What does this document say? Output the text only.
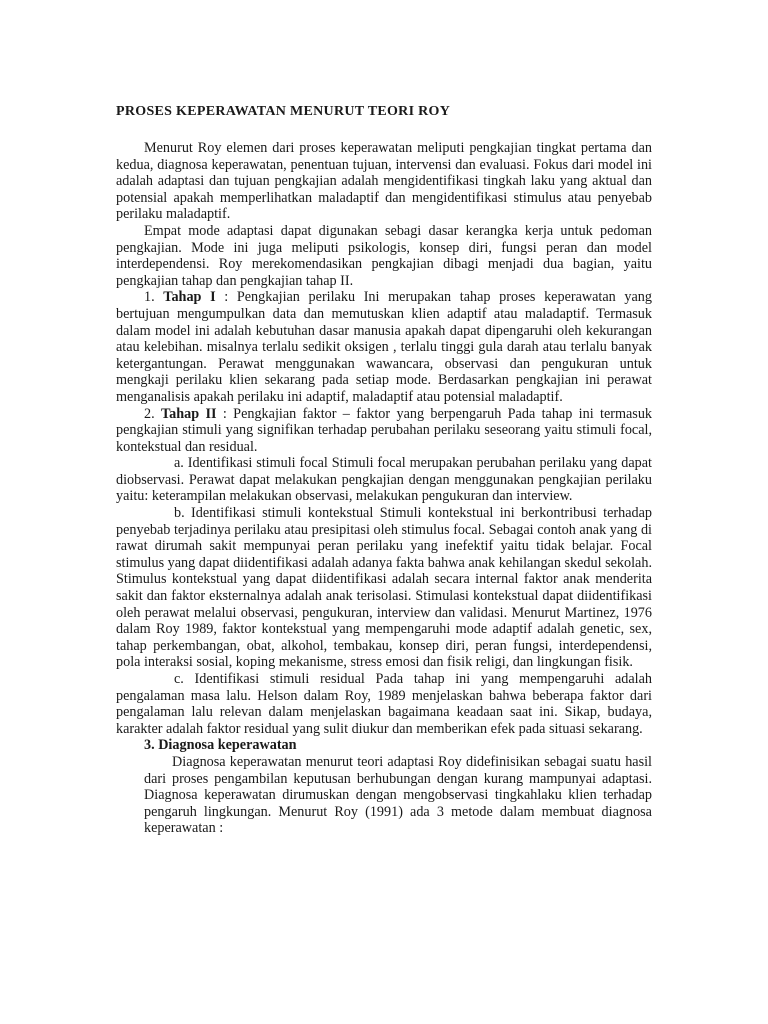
PROSES KEPERAWATAN MENURUT TEORI ROY

Menurut Roy elemen dari proses keperawatan meliputi pengkajian tingkat pertama dan kedua, diagnosa keperawatan, penentuan tujuan, intervensi dan evaluasi. Fokus dari model ini adalah adaptasi dan tujuan pengkajian adalah mengidentifikasi tingkah laku yang aktual dan potensial apakah memperlihatkan maladaptif dan mengidentifikasi stimulus atau penyebab perilaku maladaptif.

Empat mode adaptasi dapat digunakan sebagi dasar kerangka kerja untuk pedoman pengkajian. Mode ini juga meliputi psikologis, konsep diri, fungsi peran dan model interdependensi. Roy merekomendasikan pengkajian dibagi menjadi dua bagian, yaitu pengkajian tahap dan pengkajian tahap II.

1. Tahap I : Pengkajian perilaku Ini merupakan tahap proses keperawatan yang bertujuan mengumpulkan data dan memutuskan klien adaptif atau maladaptif. Termasuk dalam model ini adalah kebutuhan dasar manusia apakah dapat dipengaruhi oleh kekurangan atau kelebihan. misalnya terlalu sedikit oksigen , terlalu tinggi gula darah atau terlalu banyak ketergantungan. Perawat menggunakan wawancara, observasi dan pengukuran untuk mengkaji perilaku klien sekarang pada setiap mode. Berdasarkan pengkajian ini perawat menganalisis apakah perilaku ini adaptif, maladaptif atau potensial maladaptif.

2. Tahap II : Pengkajian faktor – faktor yang berpengaruh Pada tahap ini termasuk pengkajian stimuli yang signifikan terhadap perubahan perilaku seseorang yaitu stimuli focal, kontekstual dan residual.

a. Identifikasi stimuli focal Stimuli focal merupakan perubahan perilaku yang dapat diobservasi. Perawat dapat melakukan pengkajian dengan menggunakan pengkajian perilaku yaitu: keterampilan melakukan observasi, melakukan pengukuran dan interview.

b. Identifikasi stimuli kontekstual Stimuli kontekstual ini berkontribusi terhadap penyebab terjadinya perilaku atau presipitasi oleh stimulus focal. Sebagai contoh anak yang di rawat dirumah sakit mempunyai peran perilaku yang inefektif yaitu tidak belajar. Focal stimulus yang dapat diidentifikasi adalah adanya fakta bahwa anak kehilangan skedul sekolah. Stimulus kontekstual yang dapat diidentifikasi adalah secara internal faktor anak menderita sakit dan faktor eksternalnya adalah anak terisolasi. Stimulasi kontekstual dapat diidentifikasi oleh perawat melalui observasi, pengukuran, interview dan validasi. Menurut Martinez, 1976 dalam Roy 1989, faktor kontekstual yang mempengaruhi mode adaptif adalah genetic, sex, tahap perkembangan, obat, alkohol, tembakau, konsep diri, peran fungsi, interdependensi, pola interaksi sosial, koping mekanisme, stress emosi dan fisik religi, dan lingkungan fisik.

c. Identifikasi stimuli residual Pada tahap ini yang mempengaruhi adalah pengalaman masa lalu. Helson dalam Roy, 1989 menjelaskan bahwa beberapa faktor dari pengalaman lalu relevan dalam menjelaskan bagaimana keadaan saat ini. Sikap, budaya, karakter adalah faktor residual yang sulit diukur dan memberikan efek pada situasi sekarang.

3. Diagnosa keperawatan

Diagnosa keperawatan menurut teori adaptasi Roy didefinisikan sebagai suatu hasil dari proses pengambilan keputusan berhubungan dengan kurang mampunyai adaptasi. Diagnosa keperawatan dirumuskan dengan mengobservasi tingkahlaku klien terhadap pengaruh lingkungan. Menurut Roy (1991) ada 3 metode dalam membuat diagnosa keperawatan :
